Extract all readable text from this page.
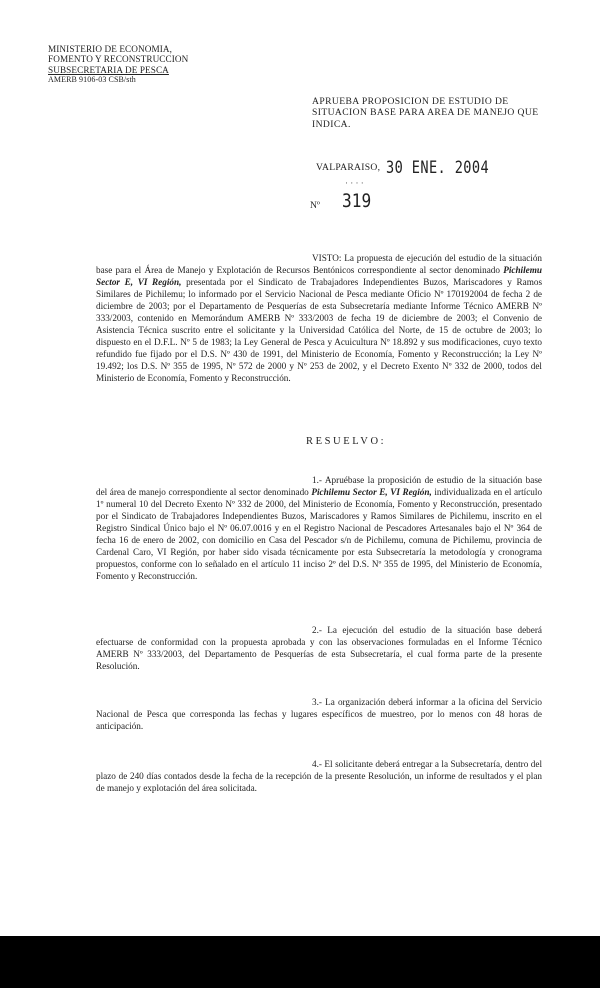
MINISTERIO DE ECONOMIA,
FOMENTO Y RECONSTRUCCION
SUBSECRETARIA DE PESCA
AMERB 9106-03 CSB/sth
APRUEBA PROPOSICION DE ESTUDIO DE SITUACION BASE PARA AREA DE MANEJO QUE INDICA.
VALPARAISO, 30 ENE. 2004
· · · ·
Nº 319
VISTO: La propuesta de ejecución del estudio de la situación base para el Área de Manejo y Explotación de Recursos Bentónicos correspondiente al sector denominado Pichilemu Sector E, VI Región, presentada por el Sindicato de Trabajadores Independientes Buzos, Mariscadores y Ramos Similares de Pichilemu; lo informado por el Servicio Nacional de Pesca mediante Oficio Nº 170192004 de fecha 2 de diciembre de 2003; por el Departamento de Pesquerías de esta Subsecretaría mediante Informe Técnico AMERB Nº 333/2003, contenido en Memorándum AMERB Nº 333/2003 de fecha 19 de diciembre de 2003; el Convenio de Asistencia Técnica suscrito entre el solicitante y la Universidad Católica del Norte, de 15 de octubre de 2003; lo dispuesto en el D.F.L. Nº 5 de 1983; la Ley General de Pesca y Acuicultura Nº 18.892 y sus modificaciones, cuyo texto refundido fue fijado por el D.S. Nº 430 de 1991, del Ministerio de Economía, Fomento y Reconstrucción; la Ley Nº 19.492; los D.S. Nº 355 de 1995, Nº 572 de 2000 y Nº 253 de 2002, y el Decreto Exento Nº 332 de 2000, todos del Ministerio de Economía, Fomento y Reconstrucción.
RESUELVO:
1.- Apruébase la proposición de estudio de la situación base del área de manejo correspondiente al sector denominado Pichilemu Sector E, VI Región, individualizada en el artículo 1º numeral 10 del Decreto Exento Nº 332 de 2000, del Ministerio de Economía, Fomento y Reconstrucción, presentado por el Sindicato de Trabajadores Independientes Buzos, Mariscadores y Ramos Similares de Pichilemu, inscrito en el Registro Sindical Único bajo el Nº 06.07.0016 y en el Registro Nacional de Pescadores Artesanales bajo el Nº 364 de fecha 16 de enero de 2002, con domicilio en Casa del Pescador s/n de Pichilemu, comuna de Pichilemu, provincia de Cardenal Caro, VI Región, por haber sido visada técnicamente por esta Subsecretaría la metodología y cronograma propuestos, conforme con lo señalado en el artículo 11 inciso 2º del D.S. Nº 355 de 1995, del Ministerio de Economía, Fomento y Reconstrucción.
2.- La ejecución del estudio de la situación base deberá efectuarse de conformidad con la propuesta aprobada y con las observaciones formuladas en el Informe Técnico AMERB Nº 333/2003, del Departamento de Pesquerías de esta Subsecretaría, el cual forma parte de la presente Resolución.
3.- La organización deberá informar a la oficina del Servicio Nacional de Pesca que corresponda las fechas y lugares específicos de muestreo, por lo menos con 48 horas de anticipación.
4.- El solicitante deberá entregar a la Subsecretaría, dentro del plazo de 240 días contados desde la fecha de la recepción de la presente Resolución, un informe de resultados y el plan de manejo y explotación del área solicitada.
